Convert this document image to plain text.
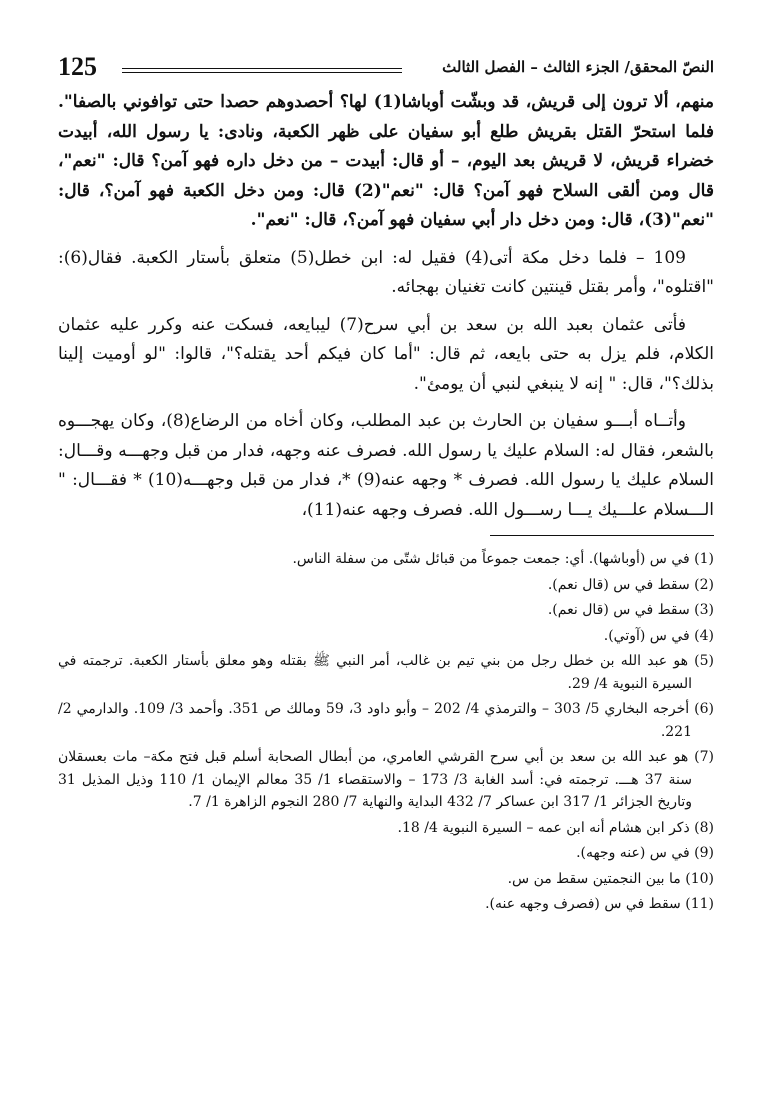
النصّ المحقق/ الجزء الثالث – الفصل الثالث
125

منهم، ألا ترون إلى قريش، قد وبشّت أوباشا(1) لها؟ أحصدوهم حصدا حتى توافوني بالصفا". فلما استحرّ القتل بقريش طلع أبو سفيان على ظهر الكعبة، ونادى: يا رسول الله، أبيدت خضراء قريش، لا قريش بعد اليوم، – أو قال: أبيدت – من دخل داره فهو آمن؟ قال: "نعم"، قال ومن ألقى السلاح فهو آمن؟ قال: "نعم"(2) قال: ومن دخل الكعبة فهو آمن؟، قال: "نعم"(3)، قال: ومن دخل دار أبي سفيان فهو آمن؟، قال: "نعم".

109 – فلما دخل مكة أتى(4) فقيل له: ابن خطل(5) متعلق بأستار الكعبة. فقال(6): "اقتلوه"، وأمر بقتل قينتين كانت تغنيان بهجائه.

فأتى عثمان بعبد الله بن سعد بن أبي سرح(7) ليبايعه، فسكت عنه وكرر عليه عثمان الكلام، فلم يزل به حتى بايعه، ثم قال: "أما كان فيكم أحد يقتله؟"، قالوا: "لو أوميت إلينا بذلك؟"، قال: " إنه لا ينبغي لنبي أن يومئ".

وأتــاه أبـــو سفيان بن الحارث بن عبد المطلب، وكان أخاه من الرضاع(8)، وكان يهجـــوه بالشعر، فقال له: السلام عليك يا رسول الله. فصرف عنه وجهه، فدار من قبل وجهـــه وقـــال: السلام عليك يا رسول الله. فصرف * وجهه عنه(9) *، فدار من قبل وجهـــه(10) * فقـــال: " الـــسلام علـــيك يـــا رســـول الله. فصرف وجهه عنه(11)،

(1) في س (أوباشها). أي: جمعت جموعاً من قبائل شتّى من سفلة الناس.

(2) سقط في س (قال نعم).

(3) سقط في س (قال نعم).

(4) في س (آوتي).

(5) هو عبد الله بن خطل رجل من بني تيم بن غالب، أمر النبي ﷺ بقتله وهو معلق بأستار الكعبة. ترجمته في السيرة النبوية 4/ 29.

(6) أخرجه البخاري 5/ 303 – والترمذي 4/ 202 – وأبو داود 3، 59 ومالك ص 351. وأحمد 3/ 109. والدارمي 2/ 221.

(7) هو عبد الله بن سعد بن أبي سرح القرشي العامري، من أبطال الصحابة أسلم قبل فتح مكة– مات بعسقلان سنة 37 هـــ. ترجمته في: أسد الغابة 3/ 173 – والاستقصاء 1/ 35 معالم الإيمان 1/ 110 وذيل المذيل 31 وتاريخ الجزائر 1/ 317 ابن عساكر 7/ 432 البداية والنهاية 7/ 280 النجوم الزاهرة 1/ 7.

(8) ذكر ابن هشام أنه ابن عمه – السيرة النبوية 4/ 18.

(9) في س (عنه وجهه).

(10) ما بين النجمتين سقط من س.

(11) سقط في س (فصرف وجهه عنه).
